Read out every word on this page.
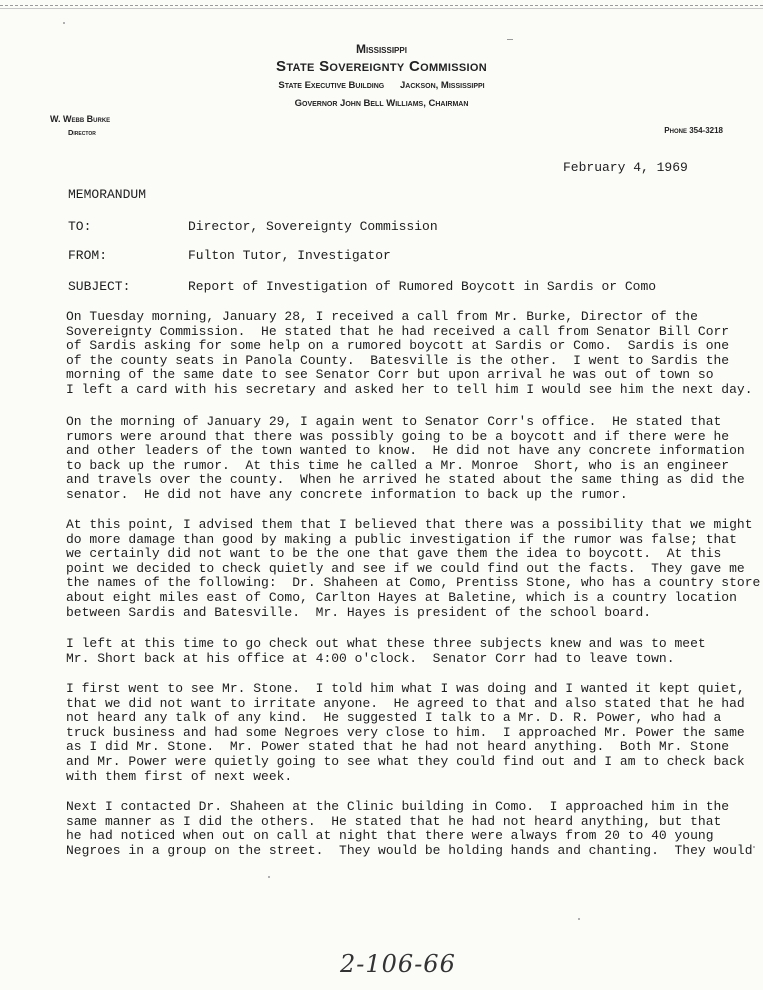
Mississippi
State Sovereignty Commission
State Executive Building      Jackson, Mississippi
Governor John Bell Williams, Chairman
W. Webb Burke
Director	Phone 354-3218
February 4, 1969
MEMORANDUM
TO:	Director, Sovereignty Commission
FROM:	Fulton Tutor, Investigator
SUBJECT:	Report of Investigation of Rumored Boycott in Sardis or Como
On Tuesday morning, January 28, I received a call from Mr. Burke, Director of the
Sovereignty Commission.  He stated that he had received a call from Senator Bill Corr
of Sardis asking for some help on a rumored boycott at Sardis or Como.  Sardis is one
of the county seats in Panola County.  Batesville is the other.  I went to Sardis the
morning of the same date to see Senator Corr but upon arrival he was out of town so
I left a card with his secretary and asked her to tell him I would see him the next day.
On the morning of January 29, I again went to Senator Corr's office.  He stated that
rumors were around that there was possibly going to be a boycott and if there were he
and other leaders of the town wanted to know.  He did not have any concrete information
to back up the rumor.  At this time he called a Mr. Monroe  Short, who is an engineer
and travels over the county.  When he arrived he stated about the same thing as did the
senator.  He did not have any concrete information to back up the rumor.
At this point, I advised them that I believed that there was a possibility that we might
do more damage than good by making a public investigation if the rumor was false; that
we certainly did not want to be the one that gave them the idea to boycott.  At this
point we decided to check quietly and see if we could find out the facts.  They gave me
the names of the following:  Dr. Shaheen at Como, Prentiss Stone, who has a country store
about eight miles east of Como, Carlton Hayes at Baletine, which is a country location
between Sardis and Batesville.  Mr. Hayes is president of the school board.
I left at this time to go check out what these three subjects knew and was to meet
Mr. Short back at his office at 4:00 o'clock.  Senator Corr had to leave town.
I first went to see Mr. Stone.  I told him what I was doing and I wanted it kept quiet,
that we did not want to irritate anyone.  He agreed to that and also stated that he had
not heard any talk of any kind.  He suggested I talk to a Mr. D. R. Power, who had a
truck business and had some Negroes very close to him.  I approached Mr. Power the same
as I did Mr. Stone.  Mr. Power stated that he had not heard anything.  Both Mr. Stone
and Mr. Power were quietly going to see what they could find out and I am to check back
with them first of next week.
Next I contacted Dr. Shaheen at the Clinic building in Como.  I approached him in the
same manner as I did the others.  He stated that he had not heard anything, but that
he had noticed when out on call at night that there were always from 20 to 40 young
Negroes in a group on the street.  They would be holding hands and chanting.  They would
2-106-66
